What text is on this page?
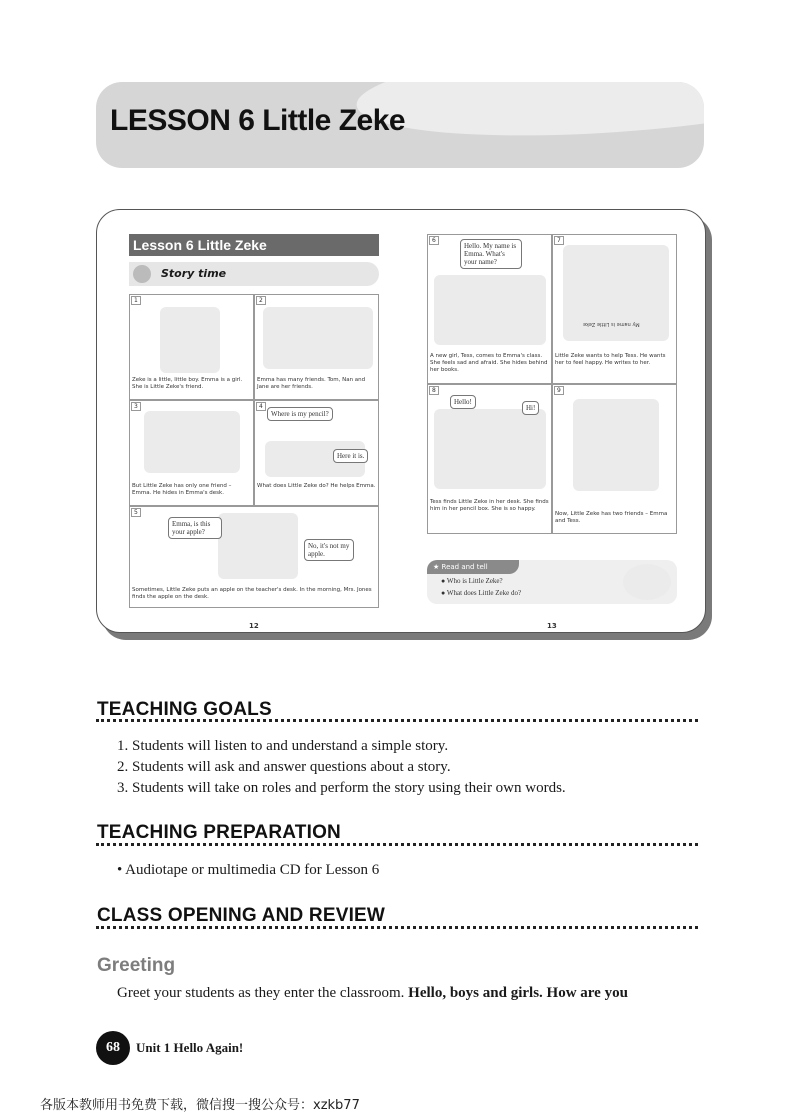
LESSON 6 Little Zeke
Lesson 6 Little Zeke
Story time
1
Zeke is a little, little boy. Emma is a girl. She is Little Zeke's friend.
2
Emma has many friends. Tom, Nan and Jane are her friends.
3
But Little Zeke has only one friend – Emma. He hides in Emma's desk.
4
Where is my pencil?
Here it is.
What does Little Zeke do? He helps Emma.
5
Emma, is this your apple?
No, it's not my apple.
Sometimes, Little Zeke puts an apple on the teacher's desk. In the morning, Mrs. Jones finds the apple on the desk.
12
6
Hello. My name is Emma. What's your name?
A new girl, Tess, comes to Emma's class. She feels sad and afraid. She hides behind her books.
7
Little Zeke wants to help Tess. He wants her to feel happy. He writes to her.
My name is Little Zeke
8
Hello!
Hi!
Tess finds Little Zeke in her desk. She finds him in her pencil box. She is so happy.
9
Now, Little Zeke has two friends – Emma and Tess.
★ Read and tell
● Who is Little Zeke?
● What does Little Zeke do?
13
TEACHING GOALS
1. Students will listen to and understand a simple story.
2. Students will ask and answer questions about a story.
3. Students will take on roles and perform the story using their own words.
TEACHING PREPARATION
• Audiotape or multimedia CD for Lesson 6
CLASS OPENING AND REVIEW
Greeting
Greet your students as they enter the classroom. Hello, boys and girls. How are you
68	Unit 1 Hello Again!
各版本教师用书免费下载，微信搜一搜公众号：xzkb77
